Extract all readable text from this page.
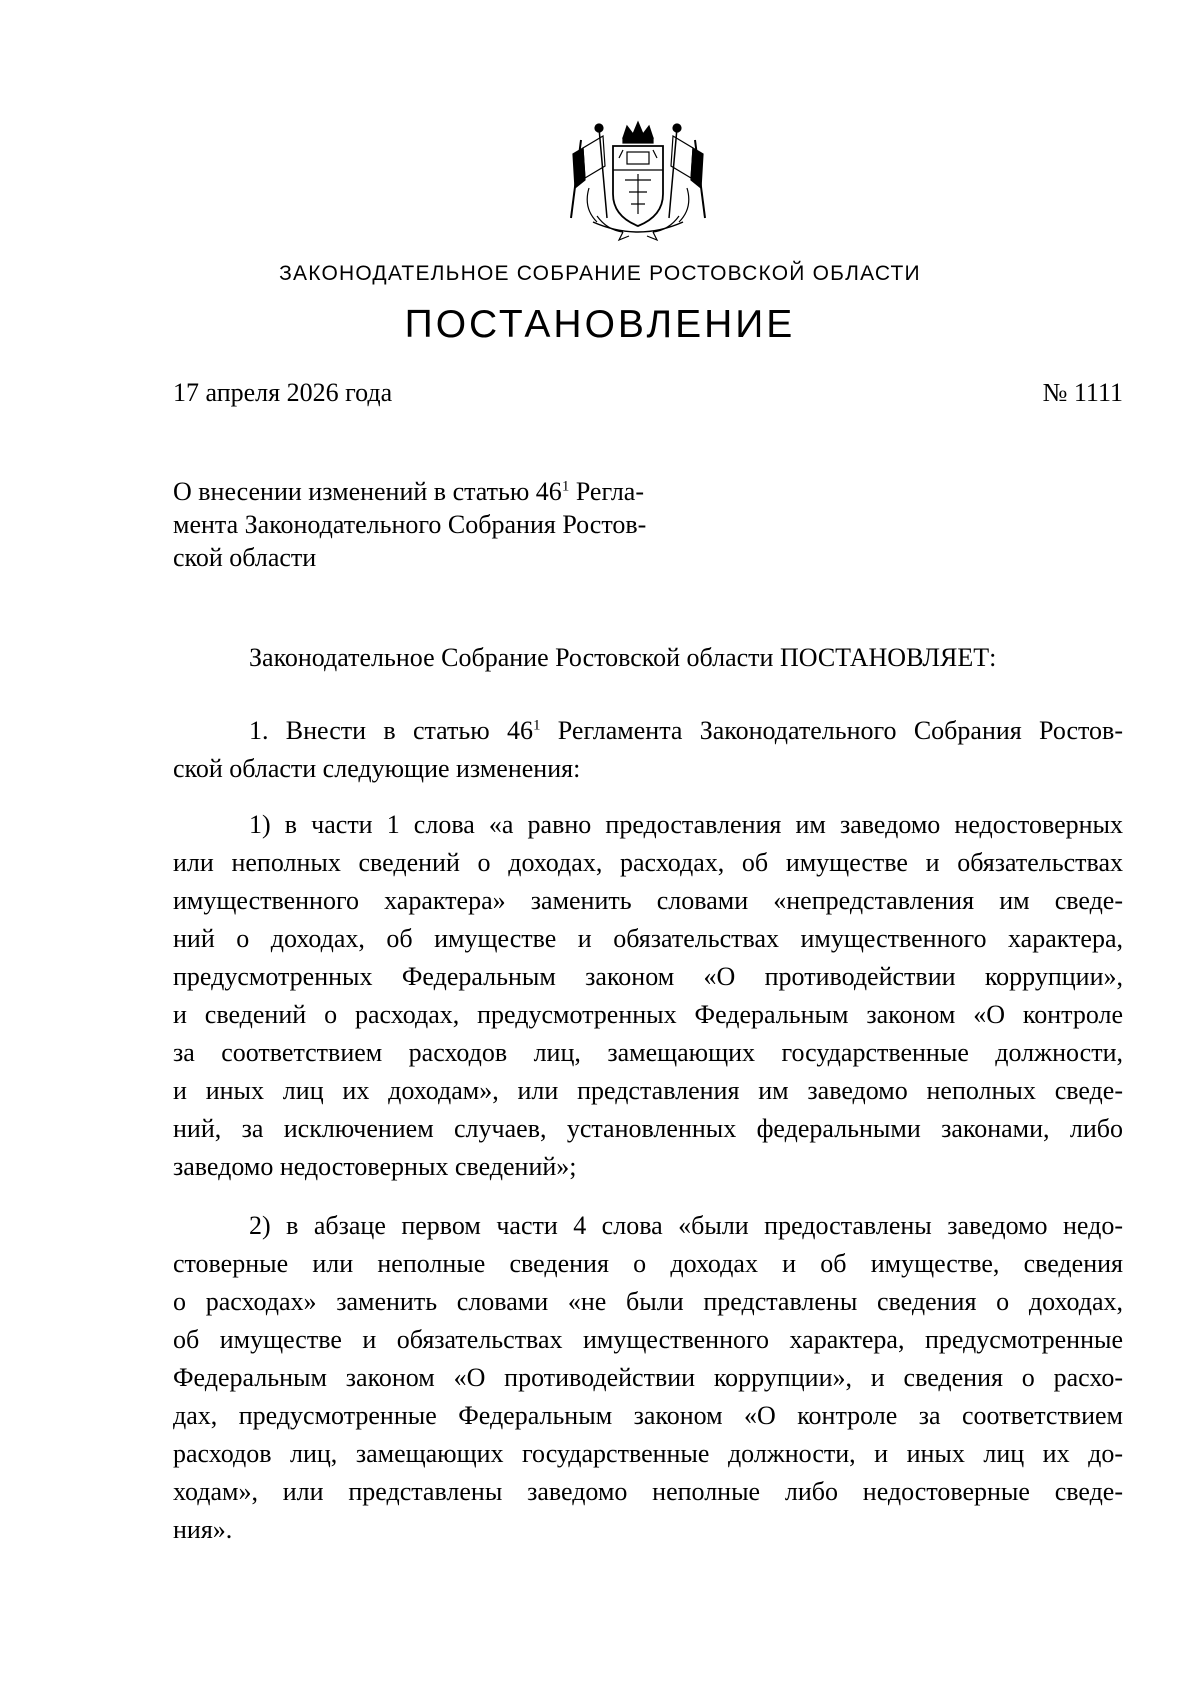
ЗАКОНОДАТЕЛЬНОЕ СОБРАНИЕ РОСТОВСКОЙ ОБЛАСТИ
ПОСТАНОВЛЕНИЕ
17 апреля 2026 года	№ 1111
О внесении изменений в статью $46^1$ Регла-
мента Законодательного Собрания Ростов-
ской области
Законодательное Собрание Ростовской области ПОСТАНОВЛЯЕТ:
1. Внести в статью $46^1$ Регламента Законодательного Собрания Ростов-
ской области следующие изменения:
1) в части 1 слова «а равно предоставления им заведомо недостоверных
или неполных сведений о доходах, расходах, об имуществе и обязательствах
имущественного характера» заменить словами «непредставления им сведе-
ний о доходах, об имуществе и обязательствах имущественного характера,
предусмотренных Федеральным законом «О противодействии коррупции»,
и сведений о расходах, предусмотренных Федеральным законом «О контроле
за соответствием расходов лиц, замещающих государственные должности,
и иных лиц их доходам», или представления им заведомо неполных сведе-
ний, за исключением случаев, установленных федеральными законами, либо
заведомо недостоверных сведений»;
2) в абзаце первом части 4 слова «были предоставлены заведомо недо-
стоверные или неполные сведения о доходах и об имуществе, сведения
о расходах» заменить словами «не были представлены сведения о доходах,
об имуществе и обязательствах имущественного характера, предусмотренные
Федеральным законом «О противодействии коррупции», и сведения о расхо-
дах, предусмотренные Федеральным законом «О контроле за соответствием
расходов лиц, замещающих государственные должности, и иных лиц их до-
ходам», или представлены заведомо неполные либо недостоверные сведе-
ния».
